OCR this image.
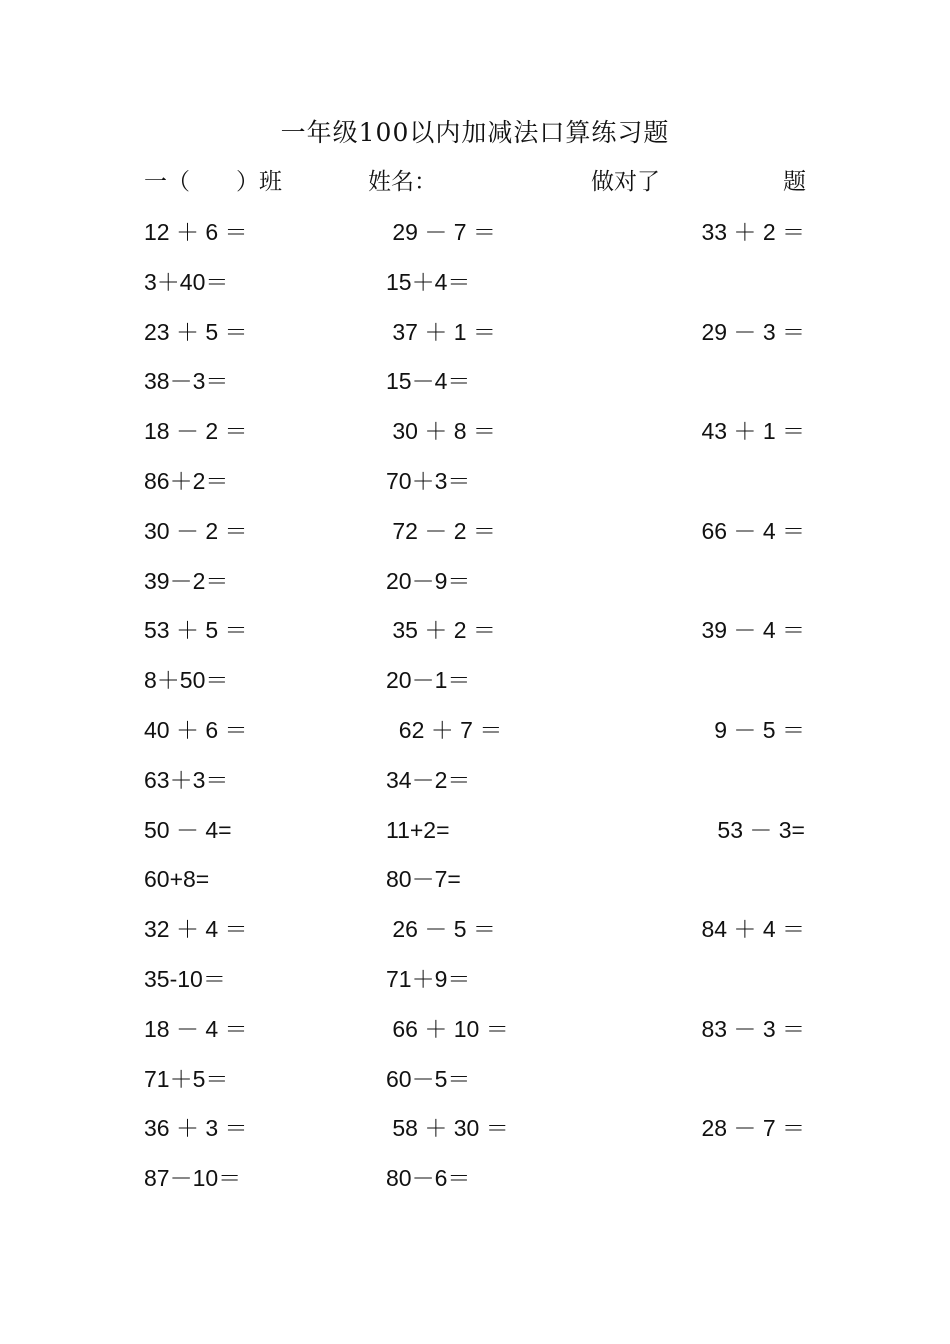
一年级100以内加减法口算练习题
一（　　）班	姓名：	做对了	题
12 ＋ 6 ＝	29 － 7 ＝	33 ＋ 2 ＝
3＋40＝	15＋4＝
23 ＋ 5 ＝	37 ＋ 1 ＝	29 － 3 ＝
38－3＝	15－4＝
18 － 2 ＝	30 ＋ 8 ＝	43 ＋ 1 ＝
86＋2＝	70＋3＝
30 － 2 ＝	72 － 2 ＝	66 － 4 ＝
39－2＝	20－9＝
53 ＋ 5 ＝	35 ＋ 2 ＝	39 － 4 ＝
8＋50＝	20－1＝
40 ＋ 6 ＝	62 ＋ 7 ＝	9 － 5 ＝
63＋3＝	34－2＝
50 － 4=	11+2=	53 － 3=
60+8=	80－7=
32 ＋ 4 ＝	26 － 5 ＝	84 ＋ 4 ＝
35-10＝	71＋9＝
18 － 4 ＝	66 ＋ 10 ＝	83 － 3 ＝
71＋5＝	60－5＝
36 ＋ 3 ＝	58 ＋ 30 ＝	28 － 7 ＝
87－10＝	80－6＝
